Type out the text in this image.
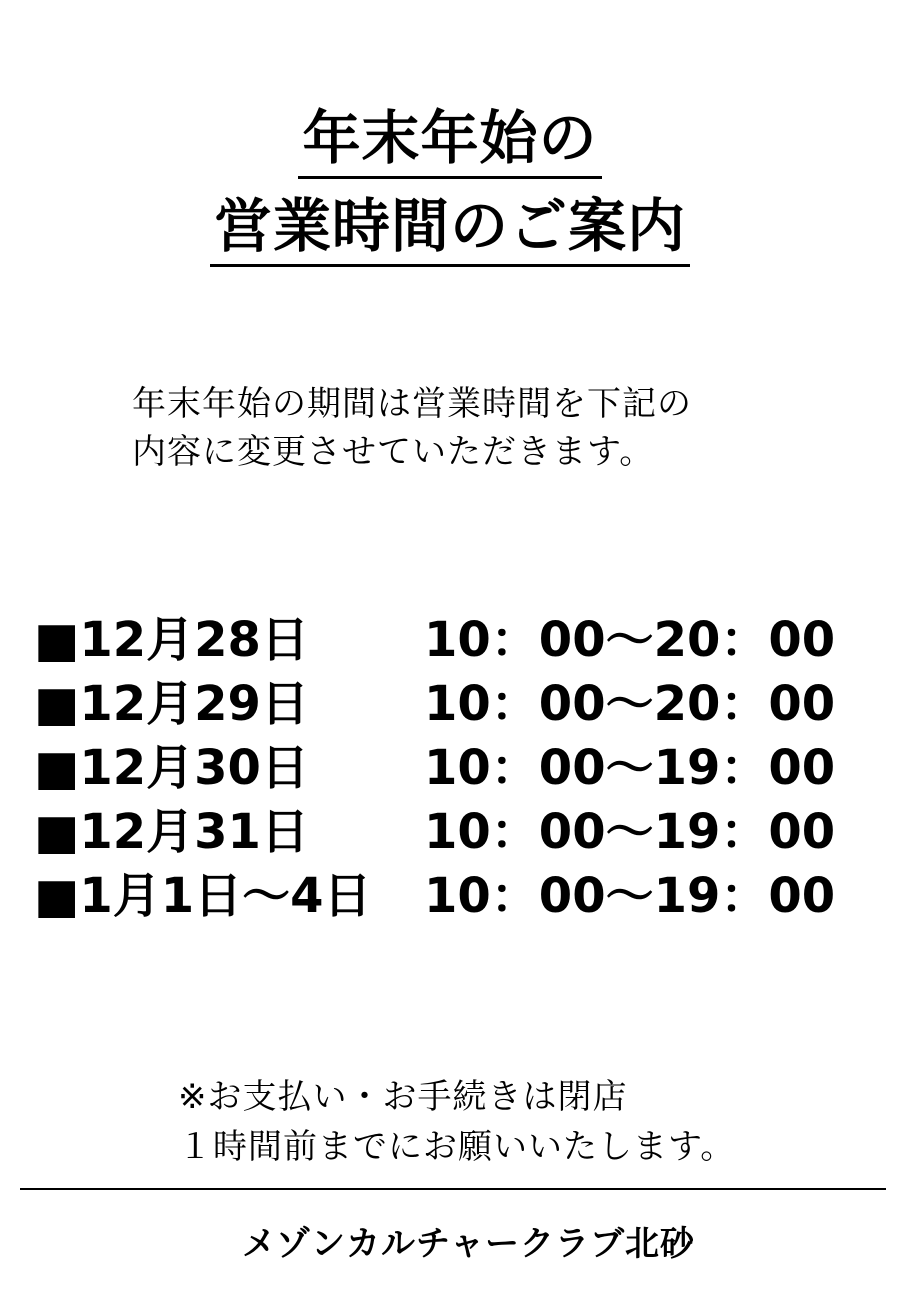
年末年始の
営業時間のご案内
年末年始の期間は営業時間を下記の
内容に変更させていただきます。
■12月28日 10：00～20：00
■12月29日 10：00～20：00
■12月30日 10：00～19：00
■12月31日 10：00～19：00
■1月1日～4日 10：00～19：00
※お支払い・お手続きは閉店
１時間前までにお願いいたします。
メゾンカルチャークラブ北砂
